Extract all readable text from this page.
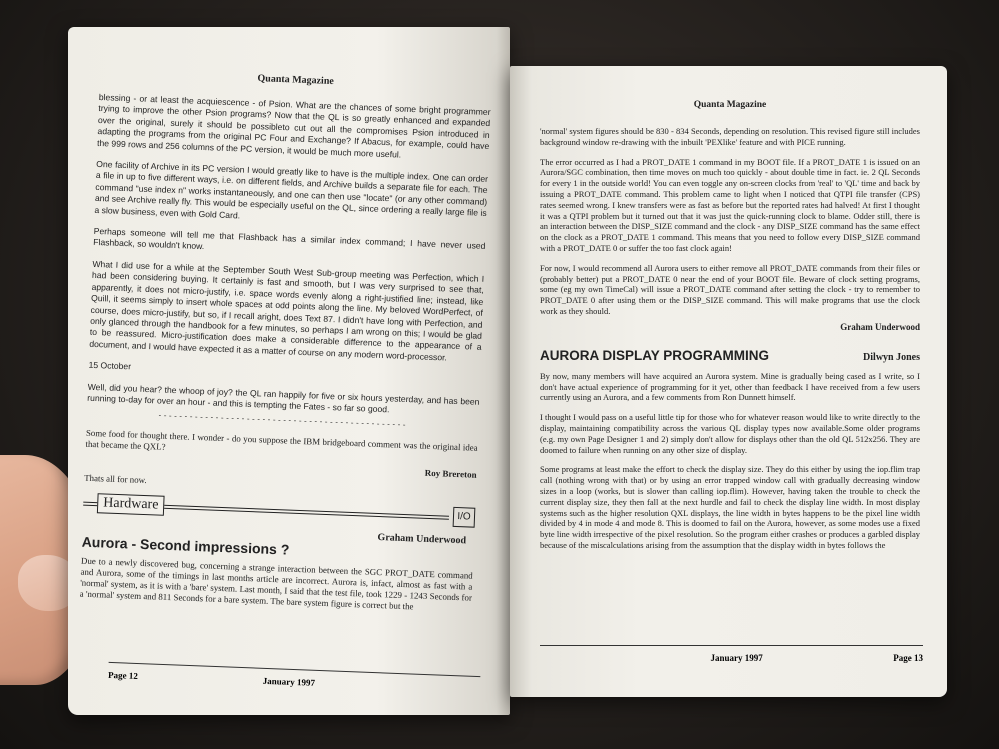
Quanta Magazine

blessing - or at least the acquiescence - of Psion. What are the chances of some bright programmer trying to improve the other Psion programs? Now that the QL is so greatly enhanced and expanded over the original, surely it should be possibleto cut out all the compromises Psion introduced in adapting the programs from the original PC Four and Exchange? If Abacus, for example, could have the 999 rows and 256 columns of the PC version, it would be much more useful.

One facility of Archive in its PC version I would greatly like to have is the multiple index. One can order a file in up to five different ways, i.e. on different fields, and Archive builds a separate file for each. The command "use index n" works instantaneously, and one can then use "locate" (or any other command) and see Archive really fly. This would be especially useful on the QL, since ordering a really large file is a slow business, even with Gold Card.

Perhaps someone will tell me that Flashback has a similar index command; I have never used Flashback, so wouldn't know.

What I did use for a while at the September South West Sub-group meeting was Perfection, which I had been considering buying. It certainly is fast and smooth, but I was very surprised to see that, apparently, it does not micro-justify, i.e. space words evenly along a right-justified line; instead, like Quill, it seems simply to insert whole spaces at odd points along the line. My beloved WordPerfect, of course, does micro-justify, but so, if I recall aright, does Text 87. I didn't have long with Perfection, and only glanced through the handbook for a few minutes, so perhaps I am wrong on this; I would be glad to be reassured. Micro-justification does make a considerable difference to the appearance of a document, and I would have expected it as a matter of course on any modern word-processor.

15 October

Well, did you hear? the whoop of joy? the QL ran happily for five or six hours yesterday, and has been running to-day for over an hour - and this is tempting the Fates - so far so good.

------------------------------------------------

Some food for thought there. I wonder - do you suppose the IBM bridgeboard comment was the original idea that became the QXL?

Roy Brereton

Thats all for now.

Hardware
I/O
Graham Underwood
Aurora - Second impressions ?

Due to a newly discovered bug, concerning a strange interaction between the SGC PROT_DATE command and Aurora, some of the timings in last months article are incorrect. Aurora is, infact, almost as fast with a 'normal' system, as it is with a 'bare' system. Last month, I said that the test file, took 1229 - 1243 Seconds for a 'normal' system and 811 Seconds for a bare system. The bare system figure is correct but the

Page 12
January 1997
Quanta Magazine

'normal' system figures should be 830 - 834 Seconds, depending on resolution. This revised figure still includes background window re-drawing with the inbuilt 'PEXlike' feature and with PICE running.

The error occurred as I had a PROT_DATE 1 command in my BOOT file. If a PROT_DATE 1 is issued on an Aurora/SGC combination, then time moves on much too quickly - about double time in fact. ie. 2 QL Seconds for every 1 in the outside world! You can even toggle any on-screen clocks from 'real' to 'QL' time and back by issuing a PROT_DATE command. This problem came to light when I noticed that QTPI file transfer (CPS) rates seemed wrong. I knew transfers were as fast as before but the reported rates had halved! At first I thought it was a QTPI problem but it turned out that it was just the quick-running clock to blame. Odder still, there is an interaction between the DISP_SIZE command and the clock - any DISP_SIZE command has the same effect on the clock as a PROT_DATE 1 command. This means that you need to follow every DISP_SIZE command with a PROT_DATE 0 or suffer the too fast clock again!

For now, I would recommend all Aurora users to either remove all PROT_DATE commands from their files or (probably better) put a PROT_DATE 0 near the end of your BOOT file. Beware of clock setting programs, some (eg my own TimeCal) will issue a PROT_DATE command after setting the clock - try to remember to PROT_DATE 0 after using them or the DISP_SIZE command. This will make programs that use the clock work as they should.

Graham Underwood
AURORA DISPLAY PROGRAMMING	Dilwyn Jones

By now, many members will have acquired an Aurora system. Mine is gradually being cased as I write, so I don't have actual experience of programming for it yet, other than feedback I have received from a few users currently using an Aurora, and a few comments from Ron Dunnett himself.

I thought I would pass on a useful little tip for those who for whatever reason would like to write directly to the display, maintaining compatibility across the various QL display types now available.Some older programs (e.g. my own Page Designer 1 and 2) simply don't allow for displays other than the old QL 512x256. They are doomed to failure when running on any other size of display.

Some programs at least make the effort to check the display size. They do this either by using the iop.flim trap call (nothing wrong with that) or by using an error trapped window call with gradually decreasing window sizes in a loop (works, but is slower than calling iop.flim). However, having taken the trouble to check the current display size, they then fall at the next hurdle and fail to check the display line width. In most display systems such as the higher resolution QXL displays, the line width in bytes happens to be the pixel line width divided by 4 in mode 4 and mode 8. This is doomed to fail on the Aurora, however, as some modes use a fixed byte line width irrespective of the pixel resolution. So the program either crashes or produces a garbled display because of the miscalculations arising from the assumption that the display width in bytes follows the

January 1997	Page 13
